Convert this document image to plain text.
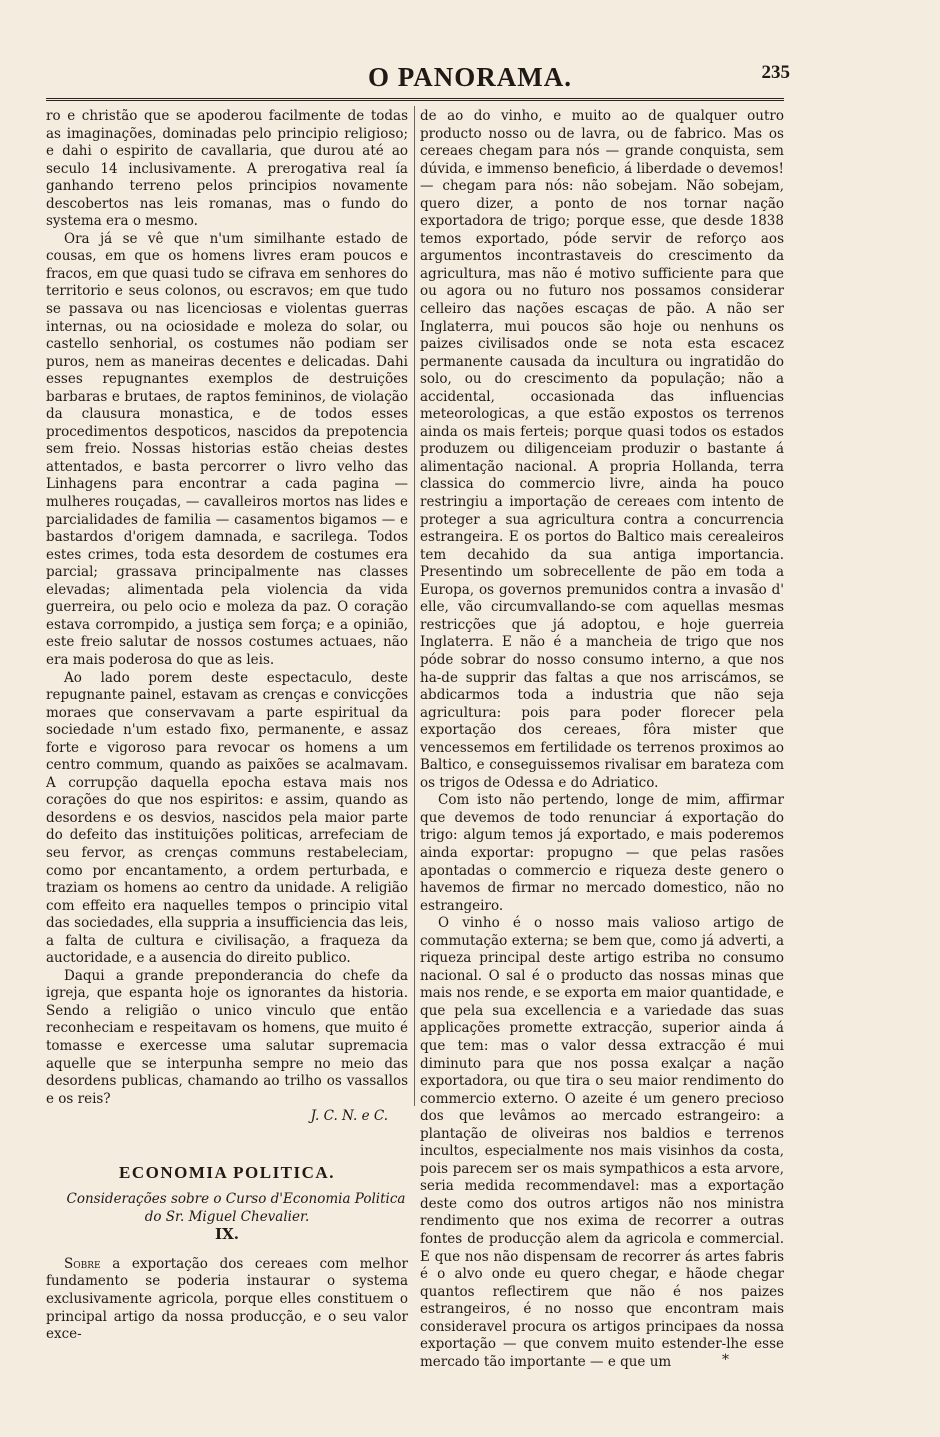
O PANORAMA.	235

ro e christão que se apoderou facilmente de todas as imaginações, dominadas pelo principio religioso; e dahi o espirito de cavallaria, que durou até ao seculo 14 inclusivamente. A prerogativa real ía ganhando terreno pelos principios novamente descobertos nas leis romanas, mas o fundo do systema era o mesmo.

Ora já se vê que n'um similhante estado de cousas, em que os homens livres eram poucos e fracos, em que quasi tudo se cifrava em senhores do territorio e seus colonos, ou escravos; em que tudo se passava ou nas licenciosas e violentas guerras internas, ou na ociosidade e moleza do solar, ou castello senhorial, os costumes não podiam ser puros, nem as maneiras decentes e delicadas. Dahi esses repugnantes exemplos de destruições barbaras e brutaes, de raptos femininos, de violação da clausura monastica, e de todos esses procedimentos despoticos, nascidos da prepotencia sem freio. Nossas historias estão cheias destes attentados, e basta percorrer o livro velho das Linhagens para encontrar a cada pagina — mulheres rouçadas, — cavalleiros mortos nas lides e parcialidades de familia — casamentos bigamos — e bastardos d'origem damnada, e sacrilega. Todos estes crimes, toda esta desordem de costumes era parcial; grassava principalmente nas classes elevadas; alimentada pela violencia da vida guerreira, ou pelo ocio e moleza da paz. O coração estava corrompido, a justiça sem força; e a opinião, este freio salutar de nossos costumes actuaes, não era mais poderosa do que as leis.

Ao lado porem deste espectaculo, deste repugnante painel, estavam as crenças e convicções moraes que conservavam a parte espiritual da sociedade n'um estado fixo, permanente, e assaz forte e vigoroso para revocar os homens a um centro commum, quando as paixões se acalmavam. A corrupção daquella epocha estava mais nos corações do que nos espiritos: e assim, quando as desordens e os desvios, nascidos pela maior parte do defeito das instituições politicas, arrefeciam de seu fervor, as crenças communs restabeleciam, como por encantamento, a ordem perturbada, e traziam os homens ao centro da unidade. A religião com effeito era naquelles tempos o principio vital das sociedades, ella suppria a insufficiencia das leis, a falta de cultura e civilisação, a fraqueza da auctoridade, e a ausencia do direito publico.

Daqui a grande preponderancia do chefe da igreja, que espanta hoje os ignorantes da historia. Sendo a religião o unico vinculo que então reconheciam e respeitavam os homens, que muito é tomasse e exercesse uma salutar supremacia aquelle que se interpunha sempre no meio das desordens publicas, chamando ao trilho os vassallos e os reis?

J. C. N. e C.

ECONOMIA POLITICA.

Considerações sobre o Curso d'Economia Politica do Sr. Miguel Chevalier.

IX.

Sobre a exportação dos cereaes com melhor fundamento se poderia instaurar o systema exclusivamente agricola, porque elles constituem o principal artigo da nossa producção, e o seu valor exce-

de ao do vinho, e muito ao de qualquer outro producto nosso ou de lavra, ou de fabrico. Mas os cereaes chegam para nós — grande conquista, sem dúvida, e immenso beneficio, á liberdade o devemos! — chegam para nós: não sobejam. Não sobejam, quero dizer, a ponto de nos tornar nação exportadora de trigo; porque esse, que desde 1838 temos exportado, póde servir de reforço aos argumentos incontrastaveis do crescimento da agricultura, mas não é motivo sufficiente para que ou agora ou no futuro nos possamos considerar celleiro das nações escaças de pão. A não ser Inglaterra, mui poucos são hoje ou nenhuns os paizes civilisados onde se nota esta escacez permanente causada da incultura ou ingratidão do solo, ou do crescimento da população; não a accidental, occasionada das influencias meteorologicas, a que estão expostos os terrenos ainda os mais ferteis; porque quasi todos os estados produzem ou diligenceiam produzir o bastante á alimentação nacional. A propria Hollanda, terra classica do commercio livre, ainda ha pouco restringiu a importação de cereaes com intento de proteger a sua agricultura contra a concurrencia estrangeira. E os portos do Baltico mais cerealeiros tem decahido da sua antiga importancia. Presentindo um sobrecellente de pão em toda a Europa, os governos premunidos contra a invasão d' elle, vão circumvallando-se com aquellas mesmas restricções que já adoptou, e hoje guerreia Inglaterra. E não é a mancheia de trigo que nos póde sobrar do nosso consumo interno, a que nos ha-de supprir das faltas a que nos arriscámos, se abdicarmos toda a industria que não seja agricultura: pois para poder florecer pela exportação dos cereaes, fôra mister que vencessemos em fertilidade os terrenos proximos ao Baltico, e conseguissemos rivalisar em barateza com os trigos de Odessa e do Adriatico.

Com isto não pertendo, longe de mim, affirmar que devemos de todo renunciar á exportação do trigo: algum temos já exportado, e mais poderemos ainda exportar: propugno — que pelas rasões apontadas o commercio e riqueza deste genero o havemos de firmar no mercado domestico, não no estrangeiro.

O vinho é o nosso mais valioso artigo de commutação externa; se bem que, como já adverti, a riqueza principal deste artigo estriba no consumo nacional. O sal é o producto das nossas minas que mais nos rende, e se exporta em maior quantidade, e que pela sua excellencia e a variedade das suas applicações promette extracção, superior ainda á que tem: mas o valor dessa extracção é mui diminuto para que nos possa exalçar a nação exportadora, ou que tira o seu maior rendimento do commercio externo. O azeite é um genero precioso dos que levâmos ao mercado estrangeiro: a plantação de oliveiras nos baldios e terrenos incultos, especialmente nos mais visinhos da costa, pois parecem ser os mais sympathicos a esta arvore, seria medida recommendavel: mas a exportação deste como dos outros artigos não nos ministra rendimento que nos exima de recorrer a outras fontes de producção alem da agricola e commercial. E que nos não dispensam de recorrer ás artes fabris é o alvo onde eu quero chegar, e hãode chegar quantos reflectirem que não é nos paizes estrangeiros, é no nosso que encontram mais consideravel procura os artigos principaes da nossa exportação — que convem muito estender-lhe esse mercado tão importante — e que um	*
